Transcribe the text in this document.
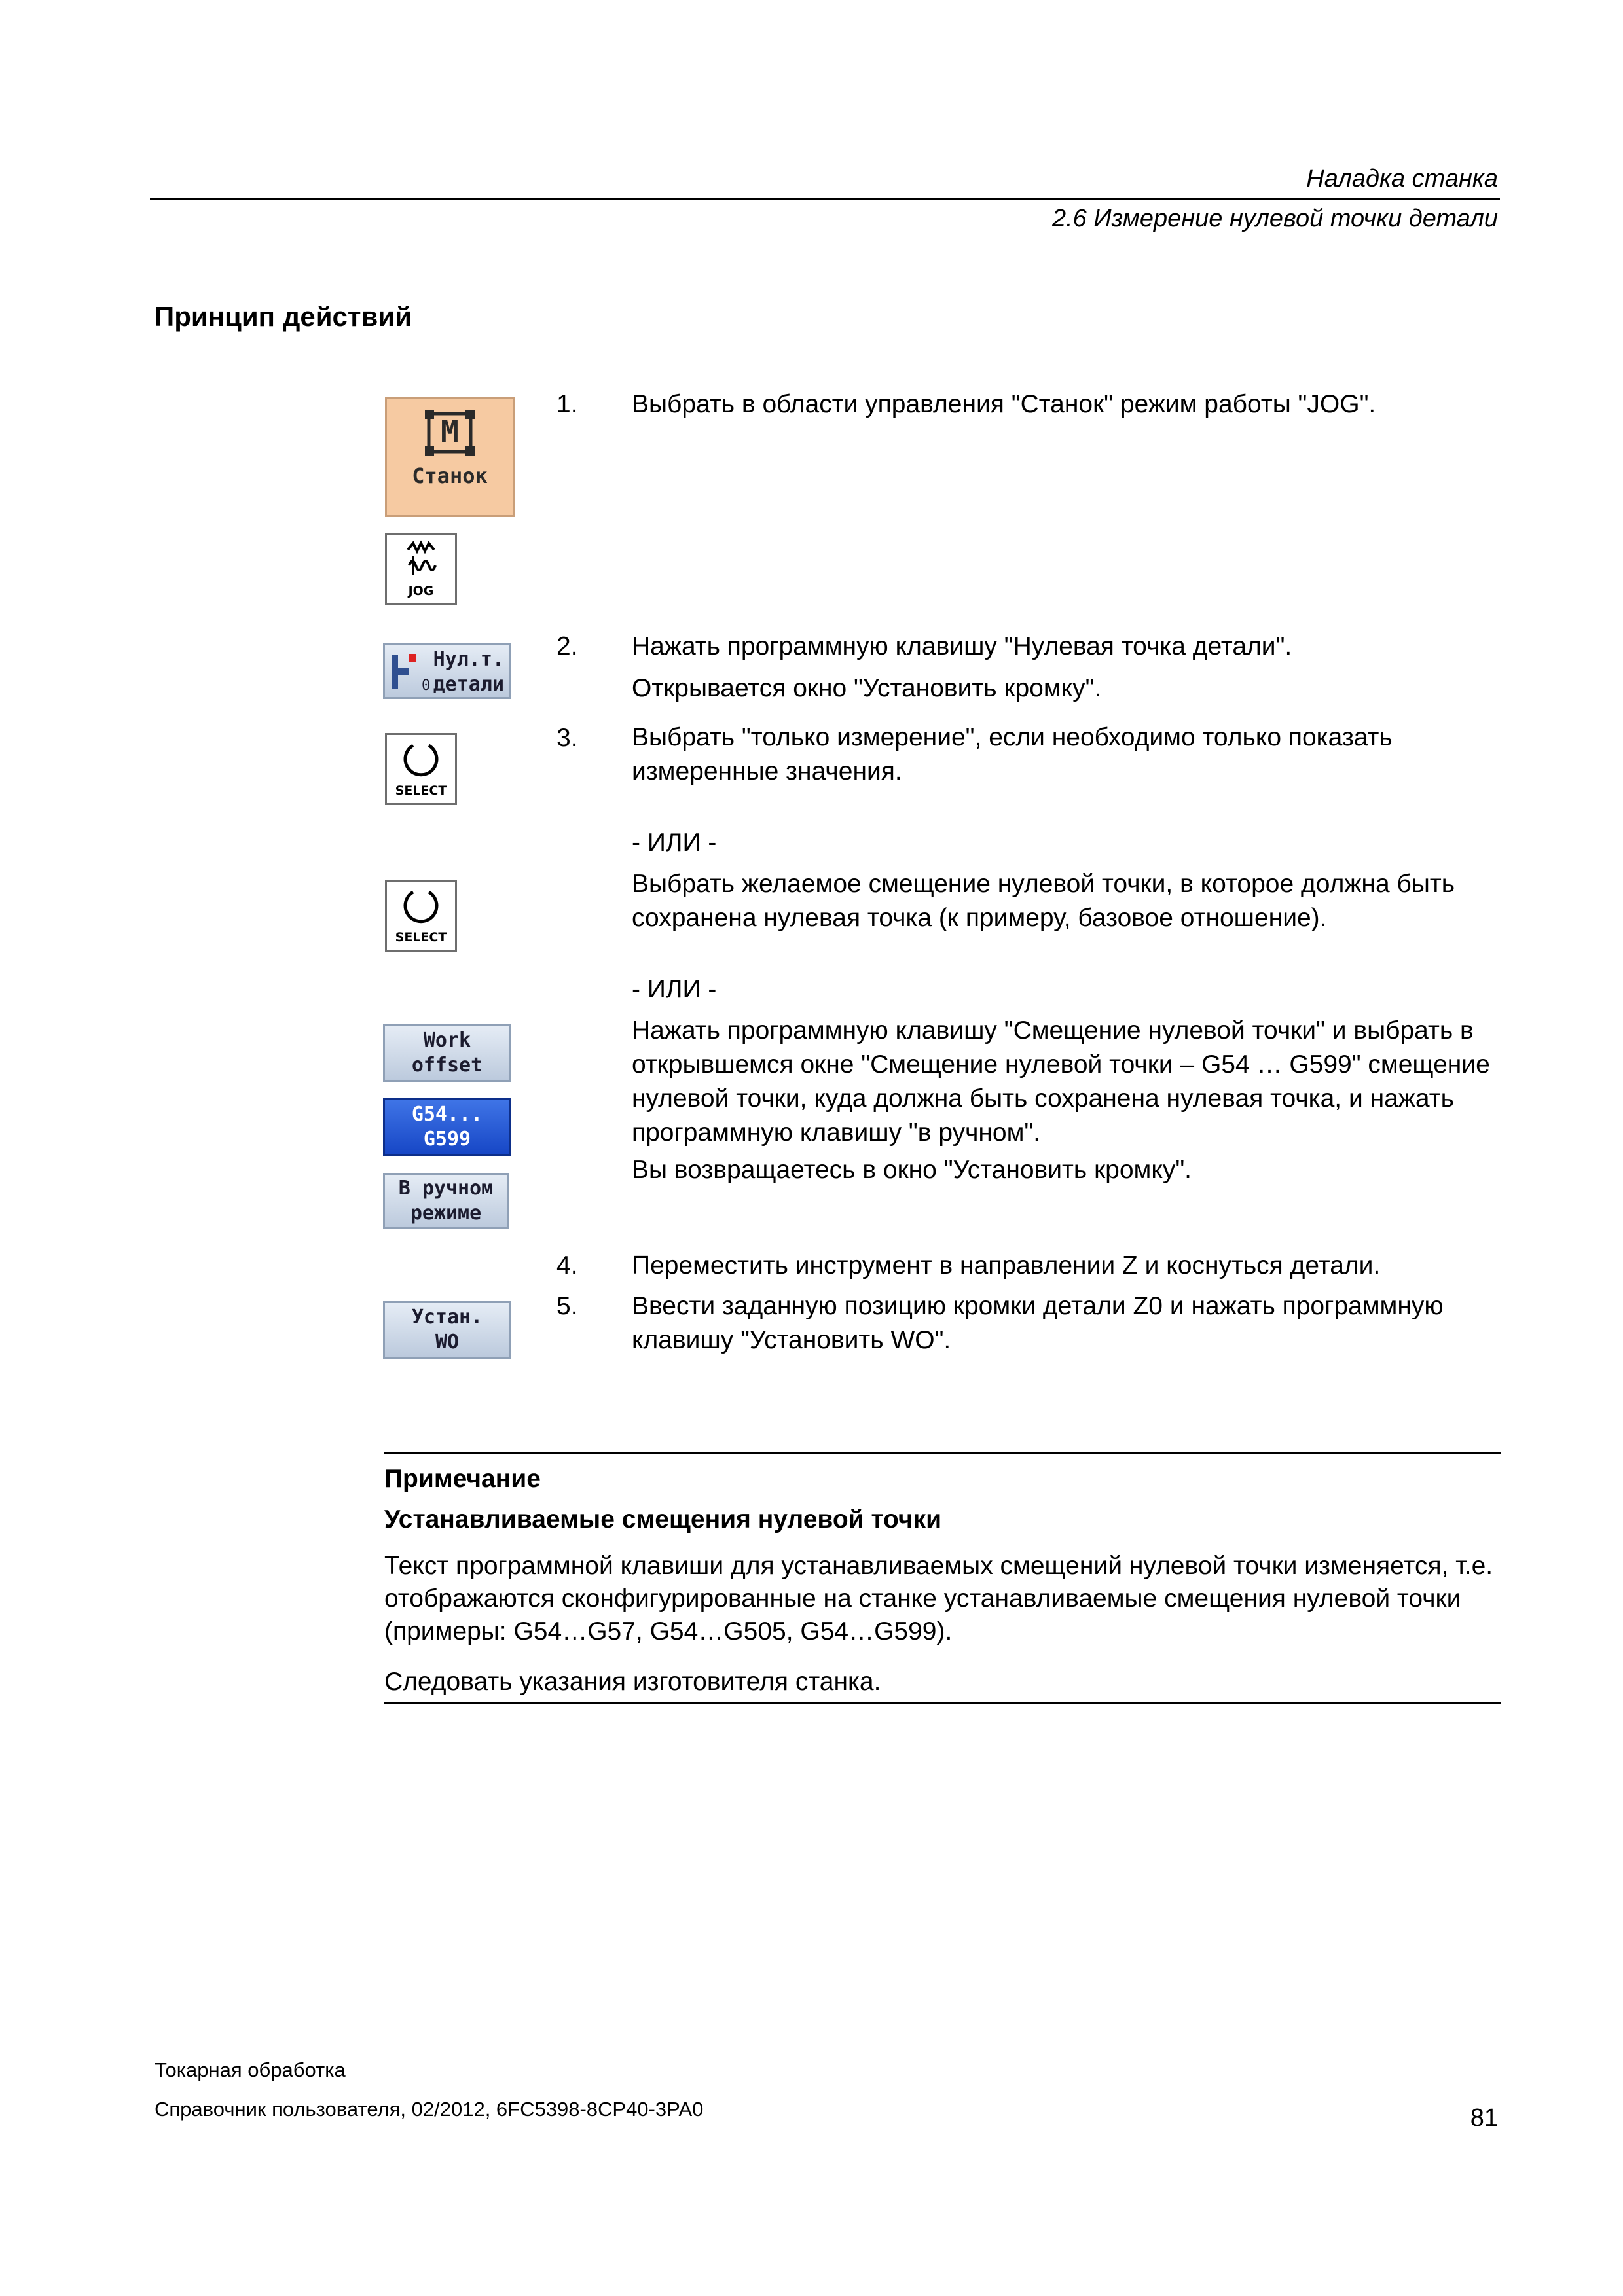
Наладка станка
2.6 Измерение нулевой точки детали
Принцип действий
M
Станок
JOG
0
Нул.т.
детали
SELECT
SELECT
Work
offset
G54...
G599
В ручном
режиме
Устан.
WO
1.	Выбрать в области управления "Станок" режим работы "JOG".
2.	Нажать программную клавишу "Нулевая точка детали".
Открывается окно "Установить кромку".
3.	Выбрать "только измерение", если необходимо только показать измеренные значения.
- ИЛИ -
Выбрать желаемое смещение нулевой точки, в которое должна быть сохранена нулевая точка (к примеру, базовое отношение).
- ИЛИ -
Нажать программную клавишу "Смещение нулевой точки" и выбрать в открывшемся окне "Смещение нулевой точки – G54 … G599" смещение нулевой точки, куда должна быть сохранена нулевая точка, и нажать программную клавишу "в ручном".
Вы возвращаетесь в окно "Установить кромку".
4.	Переместить инструмент в направлении Z и коснуться детали.
5.	Ввести заданную позицию кромки детали Z0 и нажать программную клавишу "Установить WO".
Примечание
Устанавливаемые смещения нулевой точки
Текст программной клавиши для устанавливаемых смещений нулевой точки изменяется, т.е. отображаются сконфигурированные на станке устанавливаемые смещения нулевой точки (примеры: G54…G57, G54…G505, G54…G599).
Следовать указания изготовителя станка.
Токарная обработка
Справочник пользователя, 02/2012, 6FC5398-8CP40-3PA0	81
